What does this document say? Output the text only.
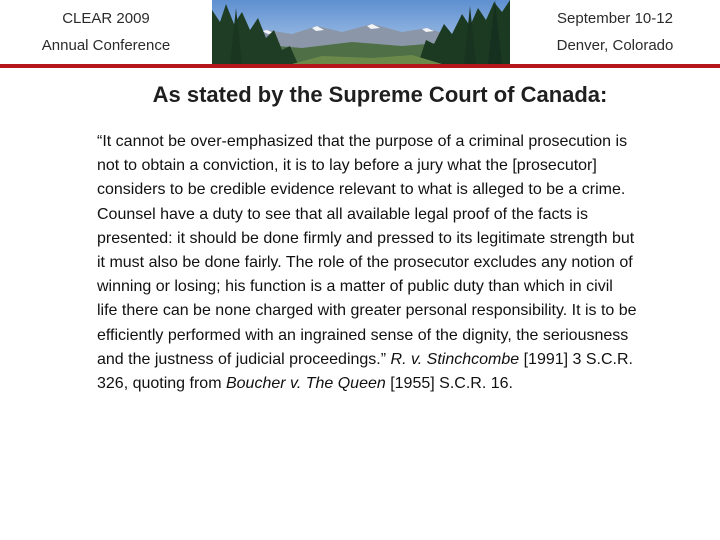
CLEAR 2009
Annual Conference
September 10-12
Denver, Colorado
As stated by the Supreme Court of Canada:
“It cannot be over-emphasized that the purpose of a criminal prosecution is not to obtain a conviction, it is to lay before a jury what the [prosecutor] considers to be credible evidence relevant to what is alleged to be a crime. Counsel have a duty to see that all available legal proof of the facts is presented: it should be done firmly and pressed to its legitimate strength but it must also be done fairly. The role of the prosecutor excludes any notion of winning or losing; his function is a matter of public duty than which in civil life there can be none charged with greater personal responsibility. It is to be efficiently performed with an ingrained sense of the dignity, the seriousness and the justness of judicial proceedings.” R. v. Stinchcombe [1991] 3 S.C.R. 326, quoting from Boucher v. The Queen [1955] S.C.R. 16.
